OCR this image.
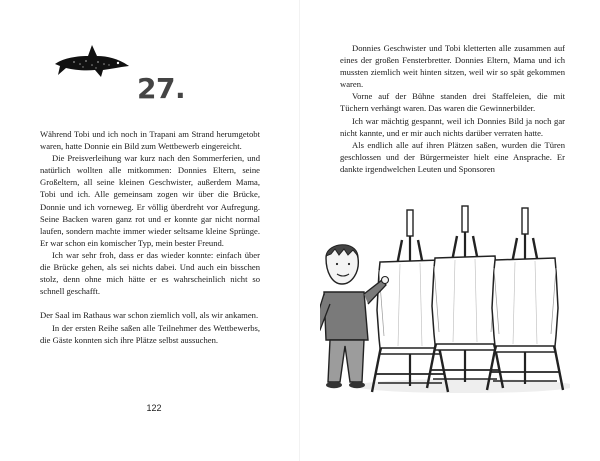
27.

Während Tobi und ich noch in Trapani am Strand herumgetobt waren, hatte Donnie ein Bild zum Wettbewerb eingereicht.

Die Preisverleihung war kurz nach den Sommerferien, und natürlich wollten alle mitkommen: Donnies Eltern, seine Großeltern, all seine kleinen Geschwister, außerdem Mama, Tobi und ich. Alle gemeinsam zogen wir über die Brücke, Donnie und ich vorneweg. Er völlig überdreht vor Aufregung. Seine Backen waren ganz rot und er konnte gar nicht normal laufen, sondern machte immer wieder seltsame kleine Sprünge. Er war schon ein komischer Typ, mein bester Freund.

Ich war sehr froh, dass er das wieder konnte: einfach über die Brücke gehen, als sei nichts dabei. Und auch ein bisschen stolz, denn ohne mich hätte er es wahrscheinlich nicht so schnell geschafft.

Der Saal im Rathaus war schon ziemlich voll, als wir ankamen.

In der ersten Reihe saßen alle Teilnehmer des Wettbewerbs, die Gäste konnten sich ihre Plätze selbst aussuchen.

122

Donnies Geschwister und Tobi kletterten alle zusammen auf eines der großen Fensterbretter. Donnies Eltern, Mama und ich mussten ziemlich weit hinten sitzen, weil wir so spät gekommen waren.

Vorne auf der Bühne standen drei Staffeleien, die mit Tüchern verhängt waren. Das waren die Gewinnerbilder.

Ich war mächtig gespannt, weil ich Donnies Bild ja noch gar nicht kannte, und er mir auch nichts darüber verraten hatte.

Als endlich alle auf ihren Plätzen saßen, wurden die Türen geschlossen und der Bürgermeister hielt eine Ansprache. Er dankte irgendwelchen Leuten und Sponsoren
